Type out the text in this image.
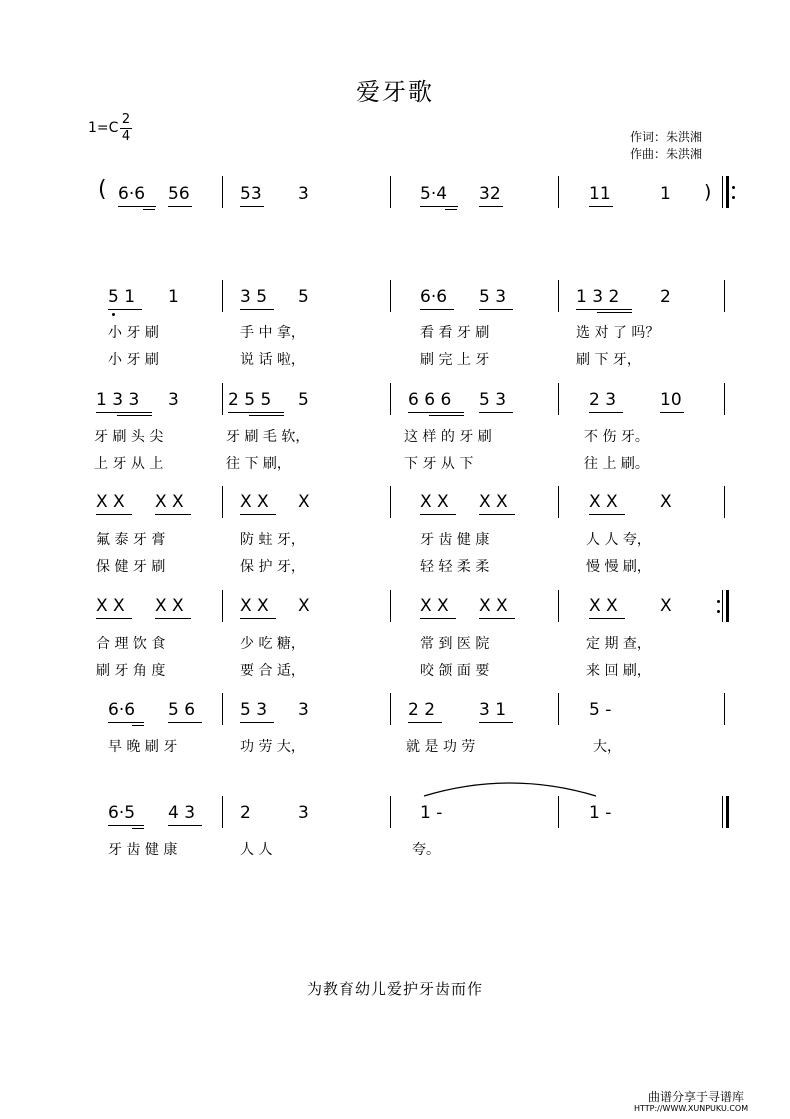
爱牙歌
1=C
2
4	作词：朱洪湘
作曲：朱洪湘
( 6·6 56	53 3	5·4 32	11	1 )
5 1 1	3 5 5	6·6 5 3	1 3 2 2
小 牙 刷	手 中 拿，	看 看 牙 刷	选 对 了 吗？
小 牙 刷	说 话 啦，	刷 完 上 牙	刷 下 牙，
1 3 3 3	2 5 5 5	6 6 6 5 3	2 3	10
牙 刷 头 尖	牙 刷 毛 软，	这 样 的 牙 刷	不 伤 牙。
上 牙 从 上	往 下 刷，	下 牙 从 下	往 上 刷。
X X X X	X X X	X X X X	X X X
氟 泰 牙 膏	防 蛀 牙，	牙 齿 健 康	人 人 夸，
保 健 牙 刷	保 护 牙，	轻 轻 柔 柔	慢 慢 刷，
X X X X	X X X	X X X X	X X X
合 理 饮 食	少 吃 糖，	常 到 医 院	定 期 查，
刷 牙 角 度	要 合 适，	咬 颌 面 要	来 回 刷，
6·6 5 6	5 3 3	2 2	3 1	5 -
早 晚 刷 牙	功 劳 大，	就 是 功 劳	大，
6·5 4 3	2	3	1 -	1 -
牙 齿 健 康	人 人	夸。
为教育幼儿爱护牙齿而作
曲谱分享于寻谱库
HTTP://WWW.XUNPUKU.COM
